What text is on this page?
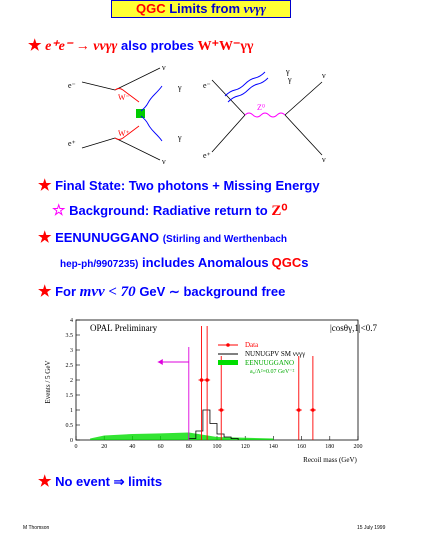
QGC Limits from ννγγ
★ e⁺e⁻ → ννγγ also probes W⁺W⁻γγ
e⁻
e⁺
W⁻
W⁺
ν
ν
γ
γ
e⁻
e⁺
Z⁰
γ
γ	ν
ν
★ Final State: Two photons + Missing Energy
☆ Background: Radiative return to Z⁰
★ EENUNUGGANO (Stirling and Werthenbach
hep-ph/9907235) includes Anomalous QGCs
★ For mνν < 70 GeV ∼ background free
Events / 5 GeV
Recoil mass (GeV)
OPAL Preliminary	|cosθγ,1|<0.7
0	20	40	60	80	100	120	140	160	180	200
0
0.5
1
1.5
2
2.5
3
3.5
4
Data
NUNUGPV SM ννγγ
EENUUGGANO
a₀/Λ²=0.07 GeV⁻²
★ No event ⇒ limits
M Thomson	15 July 1999
